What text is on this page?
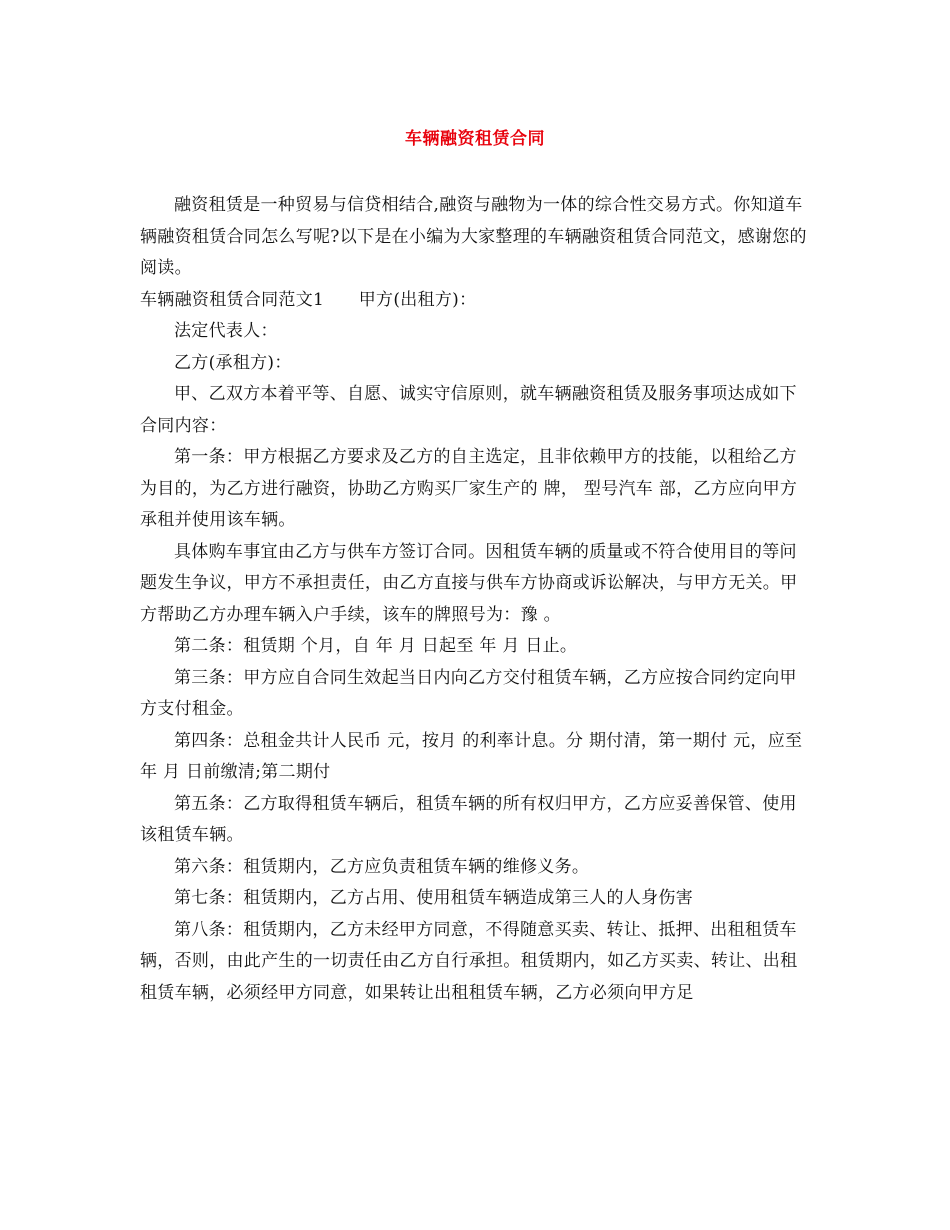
车辆融资租赁合同

融资租赁是一种贸易与信贷相结合,融资与融物为一体的综合性交易方式。你知道车辆融资租赁合同怎么写呢?以下是在小编为大家整理的车辆融资租赁合同范文，感谢您的阅读。

车辆融资租赁合同范文1　　甲方(出租方)：

法定代表人：

乙方(承租方)：

甲、乙双方本着平等、自愿、诚实守信原则，就车辆融资租赁及服务事项达成如下合同内容：

第一条：甲方根据乙方要求及乙方的自主选定，且非依赖甲方的技能，以租给乙方为目的，为乙方进行融资，协助乙方购买厂家生产的 牌， 型号汽车 部，乙方应向甲方承租并使用该车辆。

具体购车事宜由乙方与供车方签订合同。因租赁车辆的质量或不符合使用目的等问题发生争议，甲方不承担责任，由乙方直接与供车方协商或诉讼解决，与甲方无关。甲方帮助乙方办理车辆入户手续，该车的牌照号为：豫 。

第二条：租赁期 个月，自 年 月 日起至 年 月 日止。

第三条：甲方应自合同生效起当日内向乙方交付租赁车辆，乙方应按合同约定向甲方支付租金。

第四条：总租金共计人民币 元，按月 的利率计息。分 期付清，第一期付 元，应至 年 月 日前缴清;第二期付

第五条：乙方取得租赁车辆后，租赁车辆的所有权归甲方，乙方应妥善保管、使用该租赁车辆。

第六条：租赁期内，乙方应负责租赁车辆的维修义务。

第七条：租赁期内，乙方占用、使用租赁车辆造成第三人的人身伤害

第八条：租赁期内，乙方未经甲方同意，不得随意买卖、转让、抵押、出租租赁车辆，否则，由此产生的一切责任由乙方自行承担。租赁期内，如乙方买卖、转让、出租租赁车辆，必须经甲方同意，如果转让出租租赁车辆，乙方必须向甲方足
